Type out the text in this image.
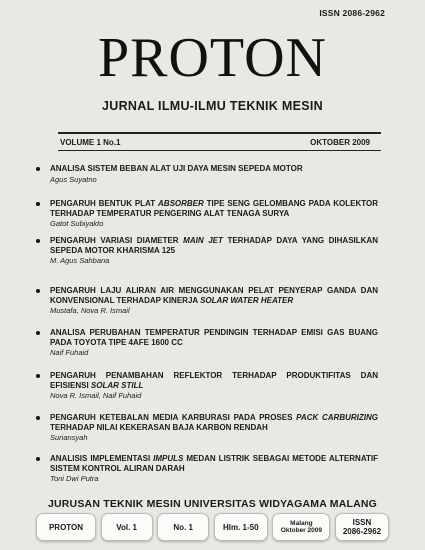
ISSN 2086-2962
PROTON
JURNAL ILMU-ILMU TEKNIK MESIN
VOLUME 1 No.1	OKTOBER 2009
ANALISA SISTEM BEBAN ALAT UJI DAYA MESIN SEPEDA MOTOR
Agus Suyatno
PENGARUH BENTUK PLAT ABSORBER TIPE SENG GELOMBANG PADA KOLEKTOR TERHADAP TEMPERATUR PENGERING ALAT TENAGA SURYA
Gatot Subiyakto
PENGARUH VARIASI DIAMETER MAIN JET TERHADAP DAYA YANG DIHASILKAN SEPEDA MOTOR KHARISMA 125
M. Agus Sahbana
PENGARUH LAJU ALIRAN AIR MENGGUNAKAN PELAT PENYERAP GANDA DAN KONVENSIONAL TERHADAP KINERJA SOLAR WATER HEATER
Mustafa, Nova R. Ismail
ANALISA PERUBAHAN TEMPERATUR PENDINGIN TERHADAP EMISI GAS BUANG PADA TOYOTA TIPE 4AFE 1600 CC
Naif Fuhaid
PENGARUH PENAMBAHAN REFLEKTOR TERHADAP PRODUKTIFITAS DAN EFISIENSI SOLAR STILL
Nova R. Ismail, Naif Fuhaid
PENGARUH KETEBALAN MEDIA KARBURASI PADA PROSES PACK CARBURIZING TERHADAP NILAI KEKERASAN BAJA KARBON RENDAH
Suriansyah
ANALISIS IMPLEMENTASI IMPULS MEDAN LISTRIK SEBAGAI METODE ALTERNATIF SISTEM KONTROL ALIRAN DARAH
Toni Dwi Putra
JURUSAN TEKNIK MESIN UNIVERSITAS WIDYAGAMA MALANG
PROTON	Vol. 1	No. 1	Hlm. 1-50	Malang
Oktober 2009
ISSN
2086-2962
